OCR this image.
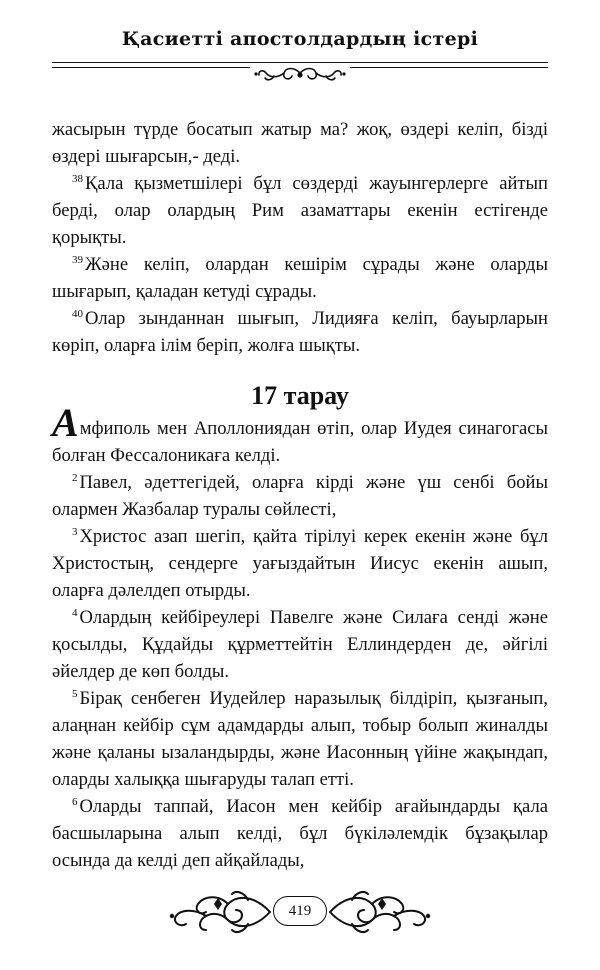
Қасиетті апостолдардың істері

жасырын түрде босатып жатыр ма? жоқ, өздері келіп, бізді өздері шығарсын,- деді.

$^{38}$ Қала қызметшілері бұл сөздерді жауынгерлерге айтып берді, олар олардың Рим азаматтары екенін естігенде қорықты.

$^{39}$ Және келіп, олардан кешірім сұрады және оларды шығарып, қаладан кетуді сұрады.

$^{40}$ Олар зынданнан шығып, Лидияға келіп, бауырларын көріп, оларға ілім беріп, жолға шықты.

17 тарау

Амфиполь мен Аполлониядан өтіп, олар Иудея синагогасы болған Фессалоникаға келді.

$^2$ Павел, әдеттегідей, оларға кірді және үш сенбі бойы олармен Жазбалар туралы сөйлесті,

$^3$ Христос азап шегіп, қайта тірілуі керек екенін және бұл Христостың, сендерге уағыздайтын Иисус екенін ашып, оларға дәлелдеп отырды.

$^4$ Олардың кейбіреулері Павелге және Силаға сенді және қосылды, Құдайды құрметтейтін Еллиндерден де, әйгілі әйелдер де көп болды.

$^5$ Бірақ сенбеген Иудейлер наразылық білдіріп, қызғанып, алаңнан кейбір сұм адамдарды алып, тобыр болып жиналды және қаланы ызаландырды, және Иасонның үйіне жақындап, оларды халыққа шығаруды талап етті.

$^6$ Оларды таппай, Иасон мен кейбір ағайындарды қала басшыларына алып келді, бұл бүкіләлемдік бұзақылар осында да келді деп айқайлады,

419
